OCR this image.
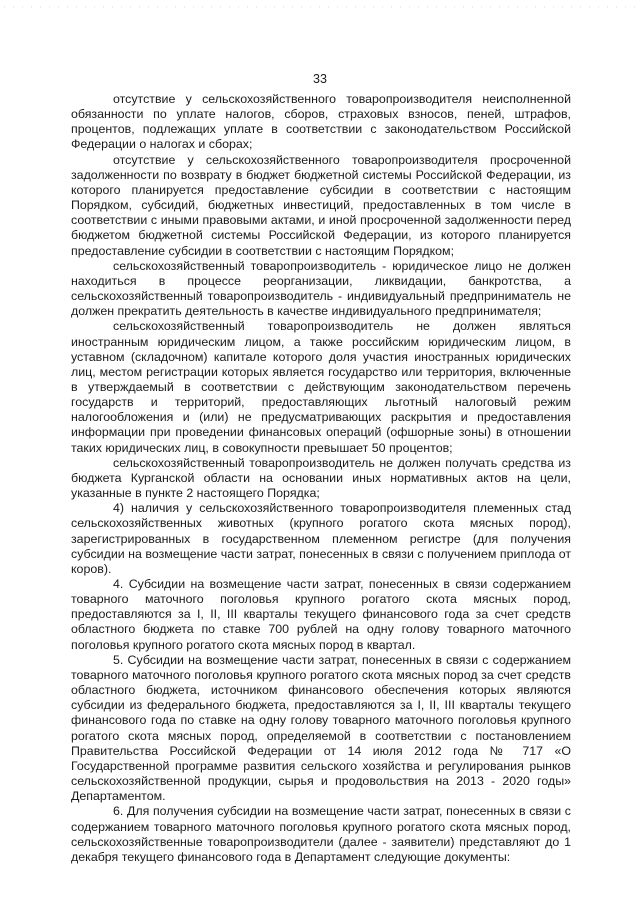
33

отсутствие у сельскохозяйственного товаропроизводителя неисполненной обязанности по уплате налогов, сборов, страховых взносов, пеней, штрафов, процентов, подлежащих уплате в соответствии с законодательством Российской Федерации о налогах и сборах;

отсутствие у сельскохозяйственного товаропроизводителя просроченной задолженности по возврату в бюджет бюджетной системы Российской Федерации, из которого планируется предоставление субсидии в соответствии с настоящим Порядком, субсидий, бюджетных инвестиций, предоставленных в том числе в соответствии с иными правовыми актами, и иной просроченной задолженности перед бюджетом бюджетной системы Российской Федерации, из которого планируется предоставление субсидии в соответствии с настоящим Порядком;

сельскохозяйственный товаропроизводитель - юридическое лицо не должен находиться в процессе реорганизации, ликвидации, банкротства, а сельскохозяйственный товаропроизводитель - индивидуальный предприниматель не должен прекратить деятельность в качестве индивидуального предпринимателя;

сельскохозяйственный товаропроизводитель не должен являться иностранным юридическим лицом, а также российским юридическим лицом, в уставном (складочном) капитале которого доля участия иностранных юридических лиц, местом регистрации которых является государство или территория, включенные в утверждаемый в соответствии с действующим законодательством перечень государств и территорий, предоставляющих льготный налоговый режим налогообложения и (или) не предусматривающих раскрытия и предоставления информации при проведении финансовых операций (офшорные зоны) в отношении таких юридических лиц, в совокупности превышает 50 процентов;

сельскохозяйственный товаропроизводитель не должен получать средства из бюджета Курганской области на основании иных нормативных актов на цели, указанные в пункте 2 настоящего Порядка;

4) наличия у сельскохозяйственного товаропроизводителя племенных стад сельскохозяйственных животных (крупного рогатого скота мясных пород), зарегистрированных в государственном племенном регистре (для получения субсидии на возмещение части затрат, понесенных в связи с получением приплода от коров).

4. Субсидии на возмещение части затрат, понесенных в связи содержанием товарного маточного поголовья крупного рогатого скота мясных пород, предоставляются за I, II, III кварталы текущего финансового года за счет средств областного бюджета по ставке 700 рублей на одну голову товарного маточного поголовья крупного рогатого скота мясных пород в квартал.

5. Субсидии на возмещение части затрат, понесенных в связи с содержанием товарного маточного поголовья крупного рогатого скота мясных пород за счет средств областного бюджета, источником финансового обеспечения которых являются субсидии из федерального бюджета, предоставляются за I, II, III кварталы текущего финансового года по ставке на одну голову товарного маточного поголовья крупного рогатого скота мясных пород, определяемой в соответствии с постановлением Правительства Российской Федерации от 14 июля 2012 года № 717 «О Государственной программе развития сельского хозяйства и регулирования рынков сельскохозяйственной продукции, сырья и продовольствия на 2013 - 2020 годы» Департаментом.

6. Для получения субсидии на возмещение части затрат, понесенных в связи с содержанием товарного маточного поголовья крупного рогатого скота мясных пород, сельскохозяйственные товаропроизводители (далее - заявители) представляют до 1 декабря текущего финансового года в Департамент следующие документы:
